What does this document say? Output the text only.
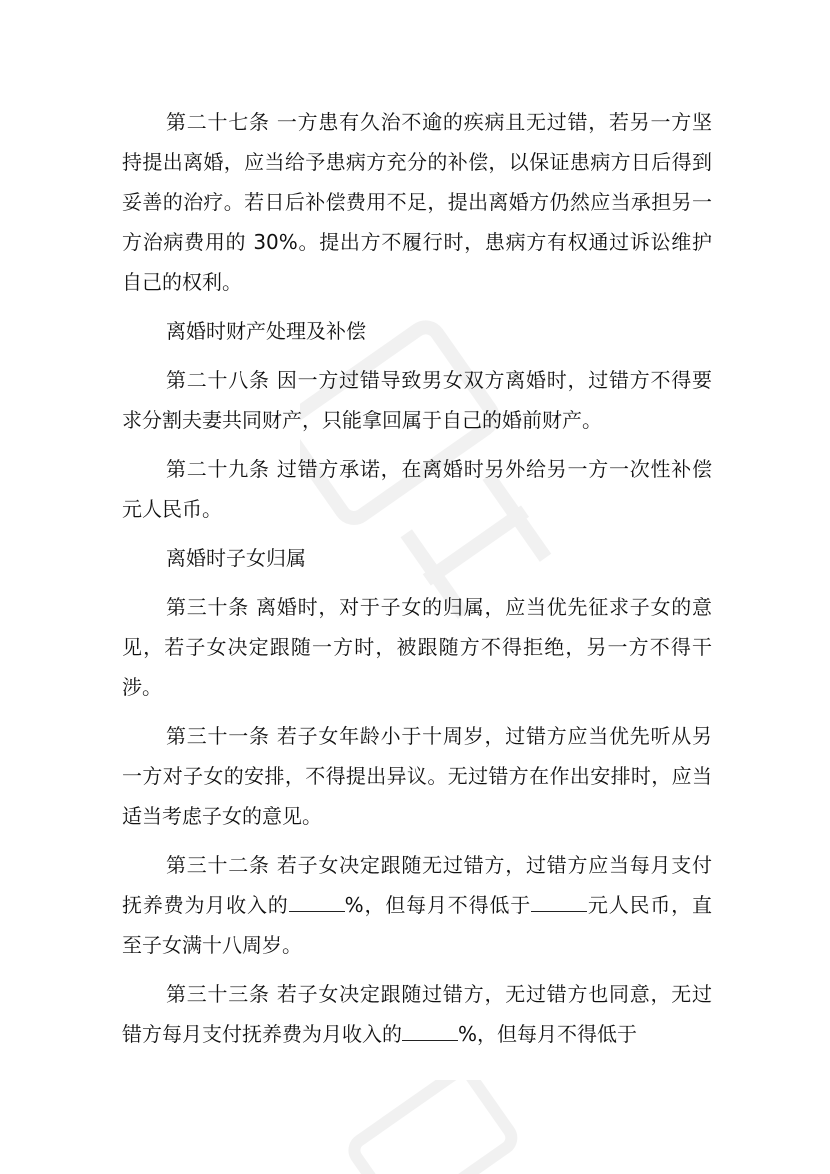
第二十七条 一方患有久治不逾的疾病且无过错，若另一方坚持提出离婚，应当给予患病方充分的补偿，以保证患病方日后得到妥善的治疗。若日后补偿费用不足，提出离婚方仍然应当承担另一方治病费用的 30%。提出方不履行时，患病方有权通过诉讼维护自己的权利。

离婚时财产处理及补偿

第二十八条 因一方过错导致男女双方离婚时，过错方不得要求分割夫妻共同财产，只能拿回属于自己的婚前财产。

第二十九条 过错方承诺，在离婚时另外给另一方一次性补偿 元人民币。

离婚时子女归属

第三十条 离婚时，对于子女的归属，应当优先征求子女的意见，若子女决定跟随一方时，被跟随方不得拒绝，另一方不得干涉。

第三十一条 若子女年龄小于十周岁，过错方应当优先听从另一方对子女的安排，不得提出异议。无过错方在作出安排时，应当适当考虑子女的意见。

第三十二条 若子女决定跟随无过错方，过错方应当每月支付抚养费为月收入的	%，但每月不得低于	元人民币，直至子女满十八周岁。

第三十三条 若子女决定跟随过错方，无过错方也同意，无过错方每月支付抚养费为月收入的	%，但每月不得低于
